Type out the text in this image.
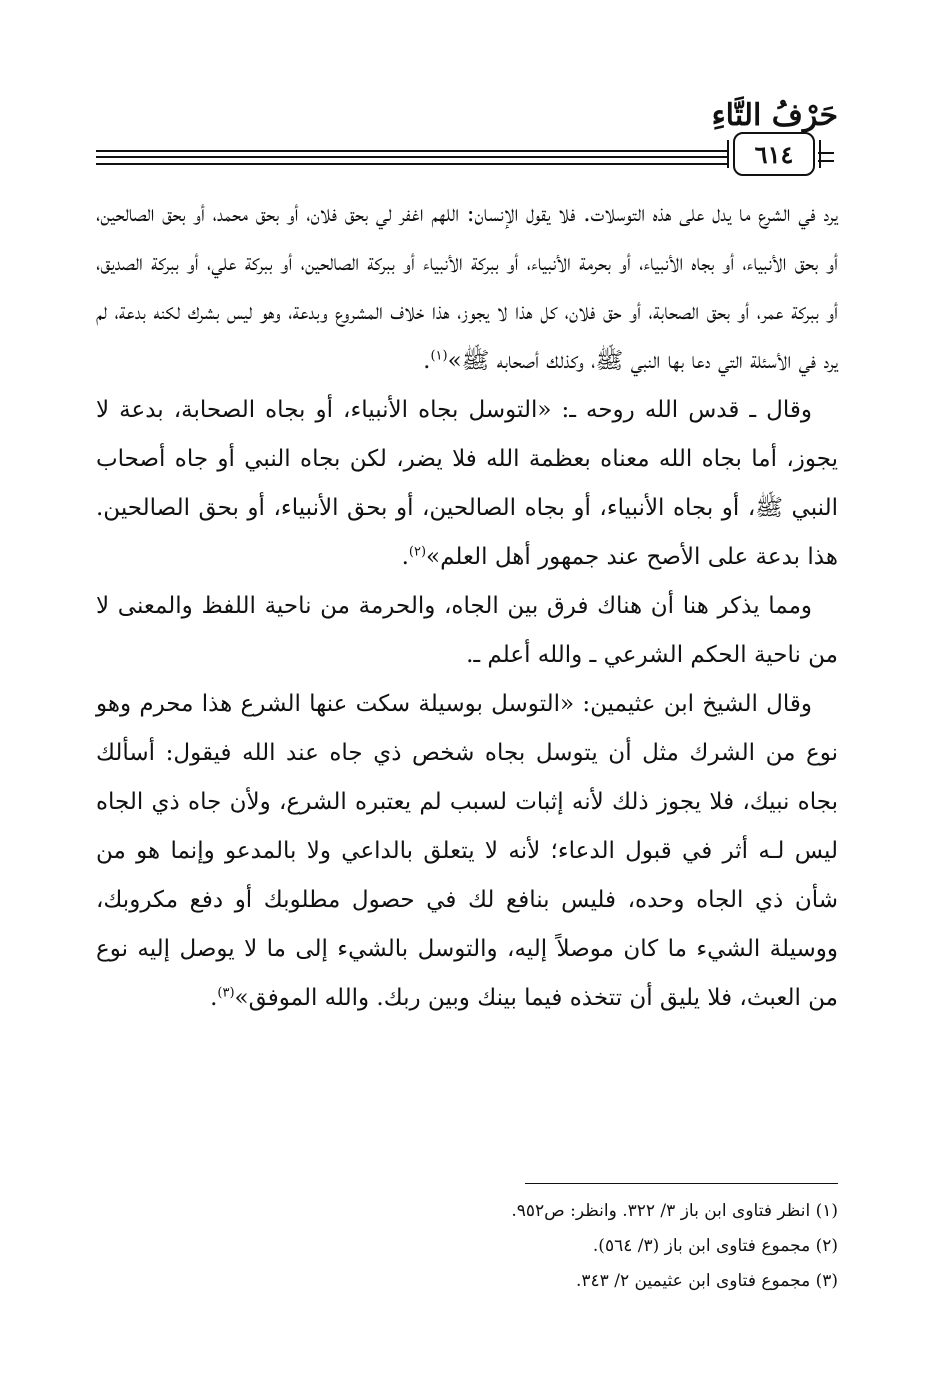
حَرْفُ التَّاءِ
٦١٤

يرد في الشرع ما يدل على هذه التوسلات. فلا يقول الإنسان: اللهم اغفر لي بحق فلان، أو بحق محمد، أو بحق الصالحين، أو بحق الأنبياء، أو بجاه الأنبياء، أو بحرمة الأنبياء، أو ببركة الأنبياء أو ببركة الصالحين، أو ببركة علي، أو ببركة الصديق، أو ببركة عمر، أو بحق الصحابة، أو حق فلان، كل هذا لا يجوز، هذا خلاف المشروع وبدعة، وهو ليس بشرك لكنه بدعة، لم يرد في الأسئلة التي دعا بها النبي ﷺ، وكذلك أصحابه ﷺ»$^{(١)}$.

وقال ـ قدس الله روحه ـ: «التوسل بجاه الأنبياء، أو بجاه الصحابة، بدعة لا يجوز، أما بجاه الله معناه بعظمة الله فلا يضر، لكن بجاه النبي أو جاه أصحاب النبي ﷺ، أو بجاه الأنبياء، أو بجاه الصالحين، أو بحق الأنبياء، أو بحق الصالحين. هذا بدعة على الأصح عند جمهور أهل العلم»$^{(٢)}$.

ومما يذكر هنا أن هناك فرق بين الجاه، والحرمة من ناحية اللفظ والمعنى لا من ناحية الحكم الشرعي ـ والله أعلم ـ.

وقال الشيخ ابن عثيمين: «التوسل بوسيلة سكت عنها الشرع هذا محرم وهو نوع من الشرك مثل أن يتوسل بجاه شخص ذي جاه عند الله فيقول: أسألك بجاه نبيك، فلا يجوز ذلك لأنه إثبات لسبب لم يعتبره الشرع، ولأن جاه ذي الجاه ليس لـه أثر في قبول الدعاء؛ لأنه لا يتعلق بالداعي ولا بالمدعو وإنما هو من شأن ذي الجاه وحده، فليس بنافع لك في حصول مطلوبك أو دفع مكروبك، ووسيلة الشيء ما كان موصلاً إليه، والتوسل بالشيء إلى ما لا يوصل إليه نوع من العبث، فلا يليق أن تتخذه فيما بينك وبين ربك. والله الموفق»$^{(٣)}$.

(١) انظر فتاوى ابن باز ٣/ ٣٢٢. وانظر: ص٩٥٢.
(٢) مجموع فتاوى ابن باز (٣/ ٥٦٤).
(٣) مجموع فتاوى ابن عثيمين ٢/ ٣٤٣.
